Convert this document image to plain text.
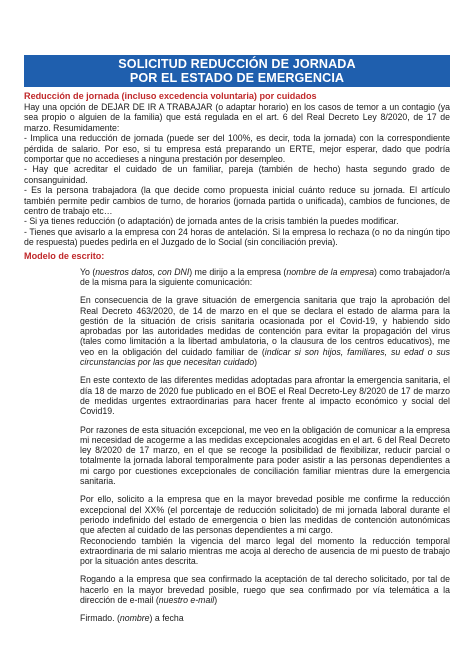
SOLICITUD REDUCCIÓN DE JORNADA
POR EL ESTADO DE EMERGENCIA

Reducción de jornada (incluso excedencia voluntaria) por cuidados

Hay una opción de DEJAR DE IR A TRABAJAR (o adaptar horario) en los casos de temor a un contagio (ya sea propio o alguien de la familia) que está regulada en el art. 6 del Real Decreto Ley 8/2020, de 17 de marzo. Resumidamente:

- Implica una reducción de jornada (puede ser del 100%, es decir, toda la jornada) con la correspondiente pérdida de salario. Por eso, si tu empresa está preparando un ERTE, mejor esperar, dado que podría comportar que no accedieses a ninguna prestación por desempleo.

- Hay que acreditar el cuidado de un familiar, pareja (también de hecho) hasta segundo grado de consanguinidad.

- Es la persona trabajadora (la que decide como propuesta inicial cuánto reduce su jornada. El artículo también permite pedir cambios de turno, de horarios (jornada partida o unificada), cambios de funciones, de centro de trabajo etc…

- Si ya tienes reducción (o adaptación) de jornada antes de la crisis también la puedes modificar.

- Tienes que avisarlo a la empresa con 24 horas de antelación. Si la empresa lo rechaza (o no da ningún tipo de respuesta) puedes pedirla en el Juzgado de lo Social (sin conciliación previa).

Modelo de escrito:

Yo (nuestros datos, con DNI) me dirijo a la empresa (nombre de la empresa) como trabajador/a de la misma para la siguiente comunicación:

En consecuencia de la grave situación de emergencia sanitaria que trajo la aprobación del Real Decreto 463/2020, de 14 de marzo en el que se declara el estado de alarma para la gestión de la situación de crisis sanitaria ocasionada por el Covid-19, y habiendo sido aprobadas por las autoridades medidas de contención para evitar la propagación del virus (tales como limitación a la libertad ambulatoria, o la clausura de los centros educativos), me veo en la obligación del cuidado familiar de (indicar si son hijos, familiares, su edad o sus circunstancias por las que necesitan cuidado)

En este contexto de las diferentes medidas adoptadas para afrontar la emergencia sanitaria, el día 18 de marzo de 2020 fue publicado en el BOE el Real Decreto-Ley 8/2020 de 17 de marzo de medidas urgentes extraordinarias para hacer frente al impacto económico y social del Covid19.

Por razones de esta situación excepcional, me veo en la obligación de comunicar a la empresa mi necesidad de acogerme a las medidas excepcionales acogidas en el art. 6 del Real Decreto ley 8/2020 de 17 marzo, en el que se recoge la posibilidad de flexibilizar, reducir parcial o totalmente la jornada laboral temporalmente para poder asistir a las personas dependientes a mi cargo por cuestiones excepcionales de conciliación familiar mientras dure la emergencia sanitaria.

Por ello, solicito a la empresa que en la mayor brevedad posible me confirme la reducción excepcional del XX% (el porcentaje de reducción solicitado) de mi jornada laboral durante el periodo indefinido del estado de emergencia o bien las medidas de contención autonómicas que afecten al cuidado de las personas dependientes a mi cargo.

Reconociendo también la vigencia del marco legal del momento la reducción temporal extraordinaria de mi salario mientras me acoja al derecho de ausencia de mi puesto de trabajo por la situación antes descrita.

Rogando a la empresa que sea confirmado la aceptación de tal derecho solicitado, por tal de hacerlo en la mayor brevedad posible, ruego que sea confirmado por vía telemática a la dirección de e-mail (nuestro e-mail)

Firmado. (nombre) a fecha
